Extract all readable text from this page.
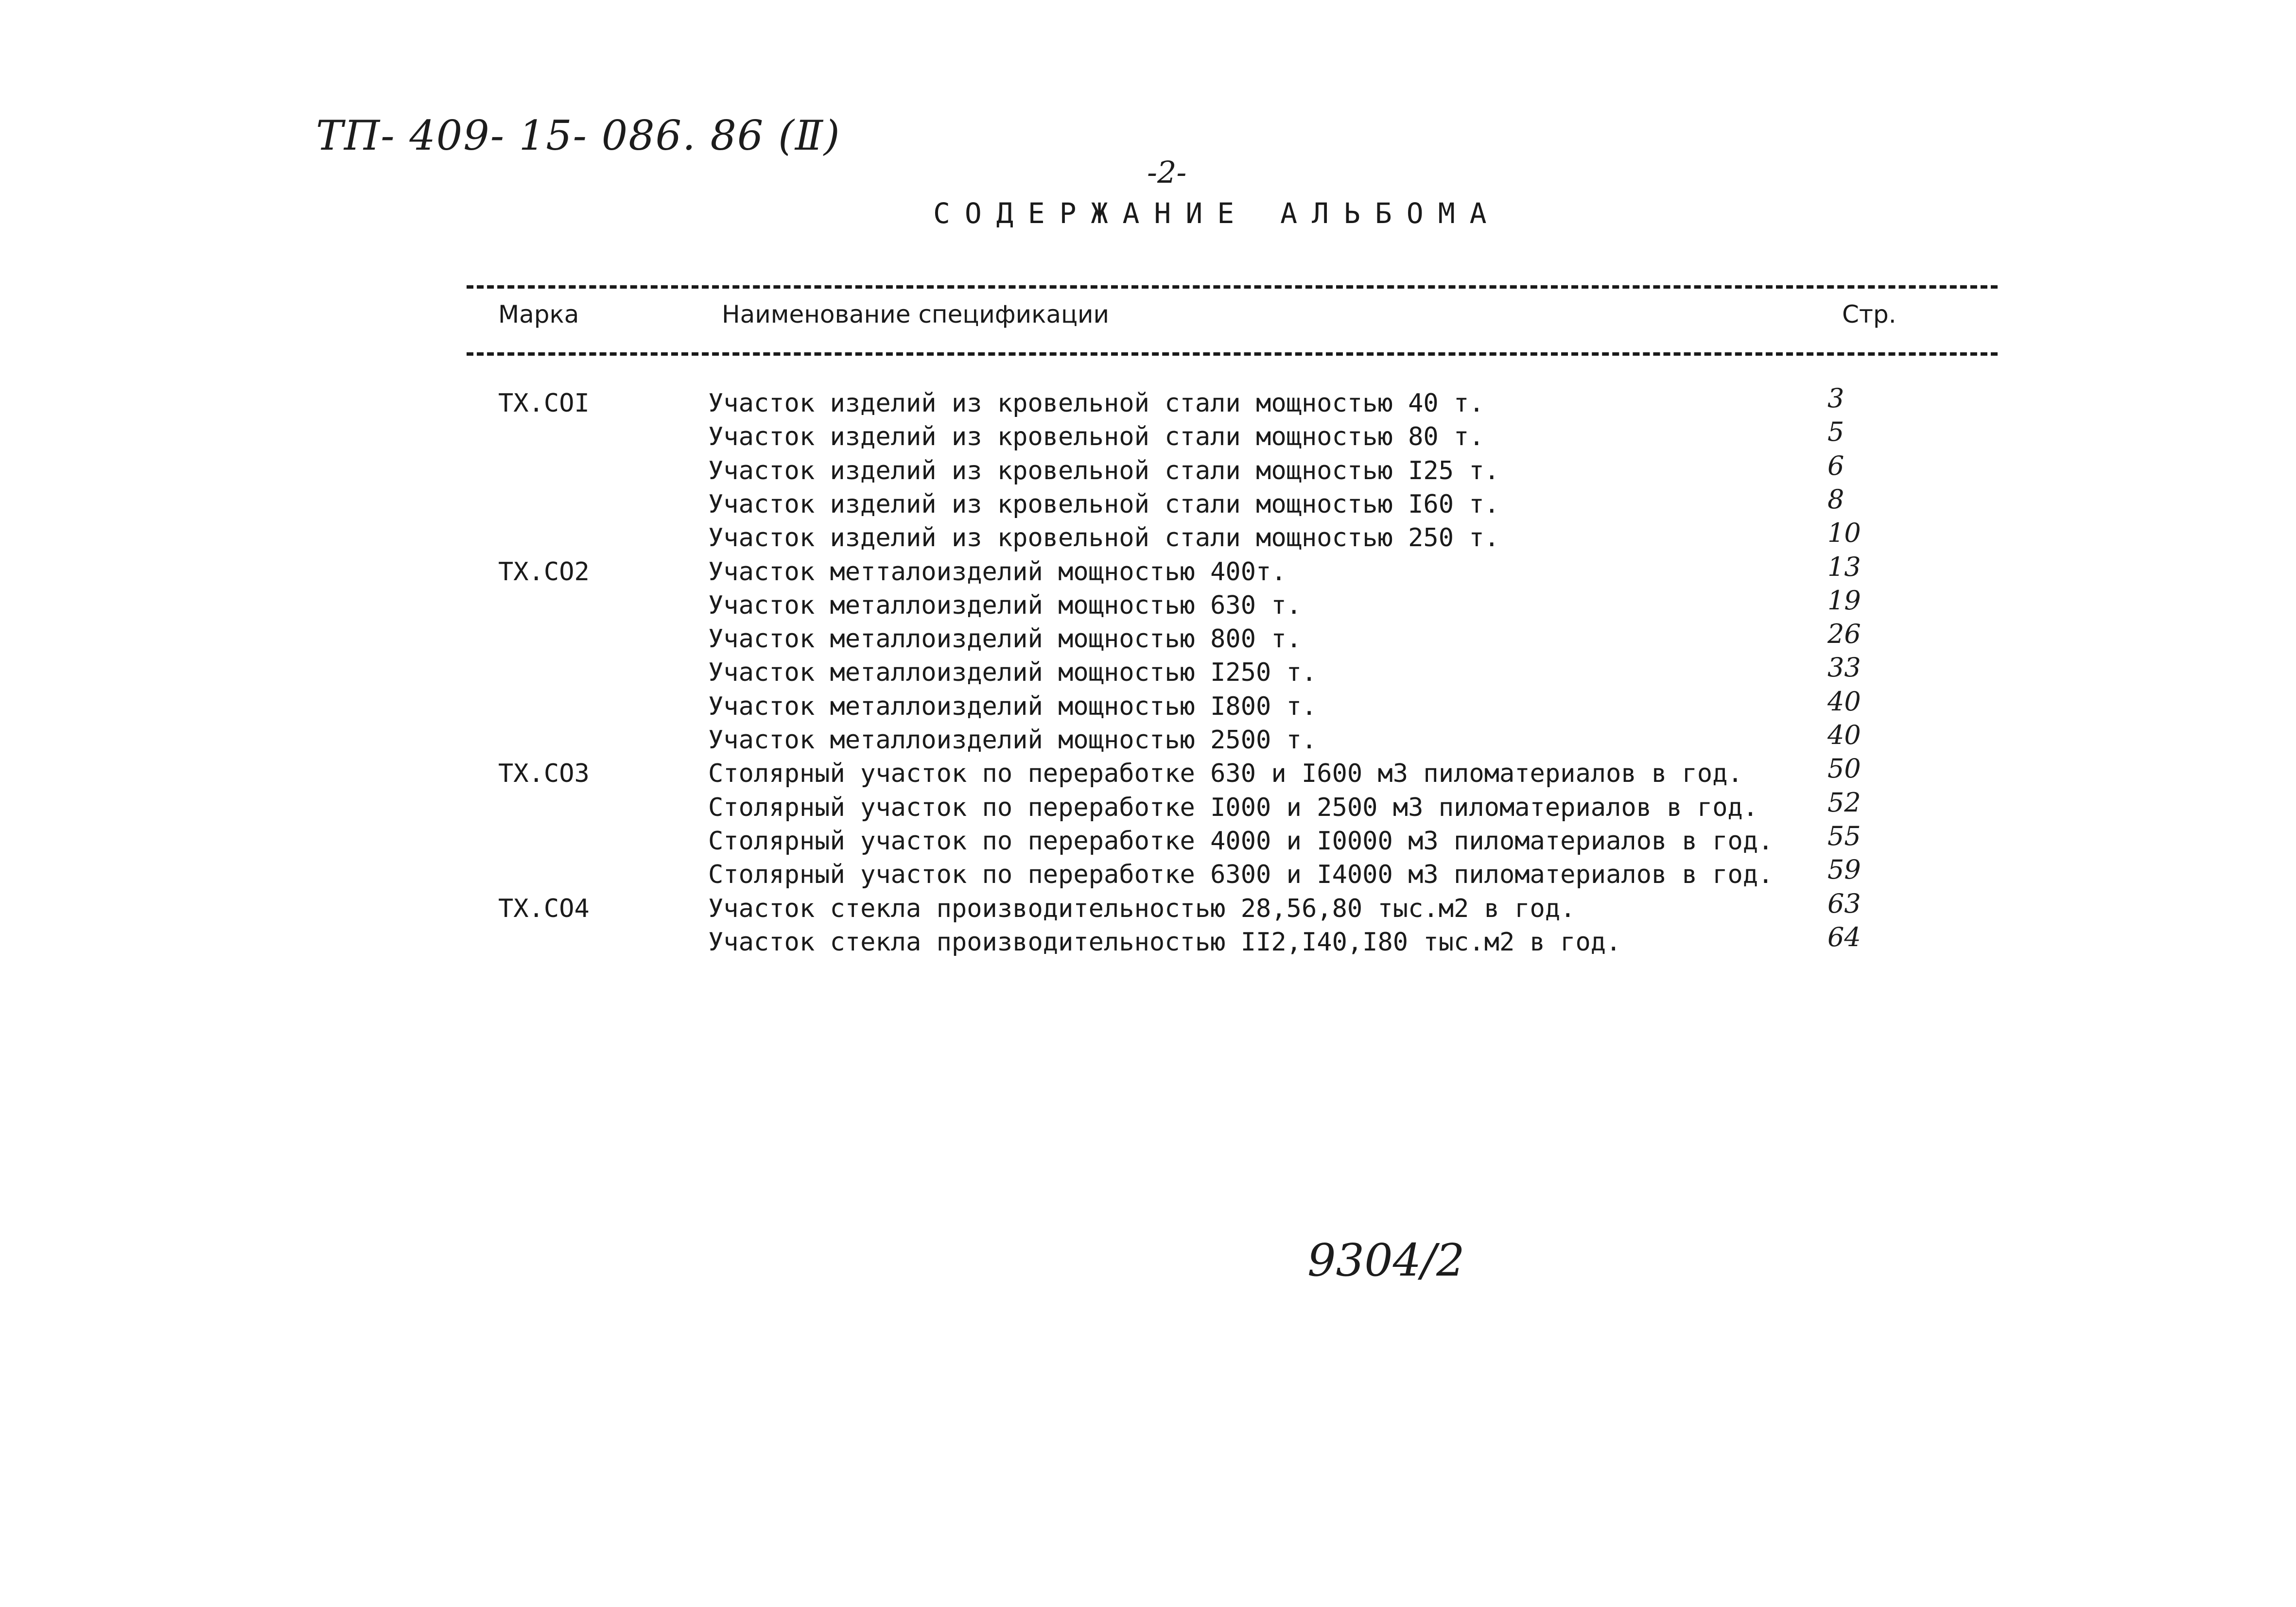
ТП- 409- 15- 086. 86 (Ⅱ)
-2-
СОДЕРЖАНИЕ АЛЬБОМА
Марка	Наименование спецификации	Стр.
ТХ.СОI	Участок изделий из кровельной стали мощностью 40 т.	3
Участок изделий из кровельной стали мощностью 80 т.	5
Участок изделий из кровельной стали мощностью I25 т.	6
Участок изделий из кровельной стали мощностью I60 т.	8
Участок изделий из кровельной стали мощностью 250 т.	10
ТХ.СО2	Участок метталоизделий мощностью 400т.	13
Участок металлоизделий мощностью 630 т.	19
Участок металлоизделий мощностью 800 т.	26
Участок металлоизделий мощностью I250 т.	33
Участок металлоизделий мощностью I800 т.	40
Участок металлоизделий мощностью 2500 т.	40
ТХ.СО3	Столярный участок по переработке 630 и I600 м3 пиломатериалов в год.	50
Столярный участок по переработке I000 и 2500 м3 пиломатериалов в год.	52
Столярный участок по переработке 4000 и I0000 м3 пиломатериалов в год. 55
Столярный участок по переработке 6300 и I4000 м3 пиломатериалов в год. 59
ТХ.СО4	Участок стекла производительностью 28,56,80 тыс.м2 в год.	63
Участок стекла производительностью II2,I40,I80 тыс.м2 в год.	64
9304/2
